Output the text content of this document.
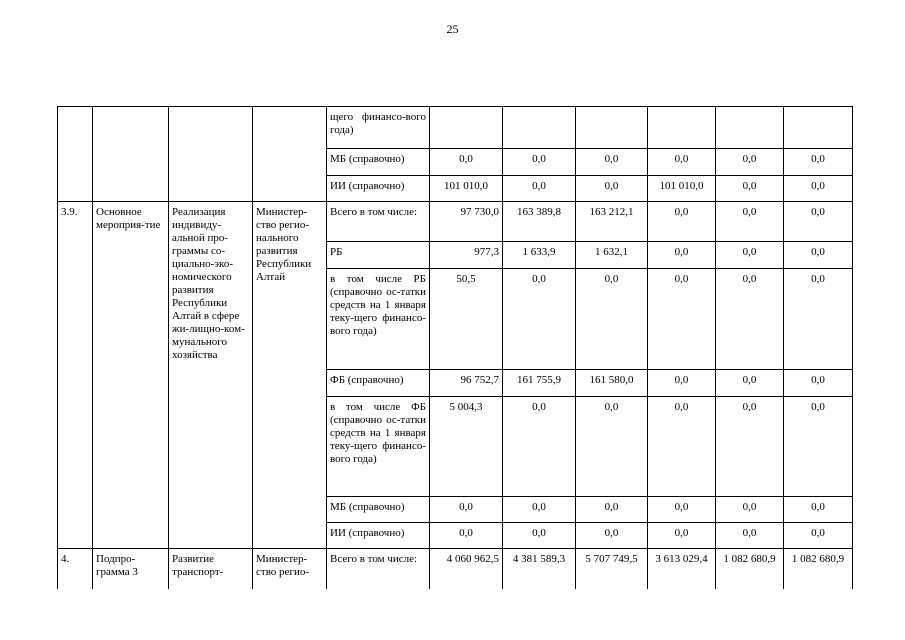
25
				щего финансо-вого года)						
				МБ (справочно)	0,0	0,0	0,0	0,0	0,0	0,0
				ИИ (справочно)	101 010,0	0,0	0,0	101 010,0	0,0	0,0
3.9.	Основное мероприя-тие	Реализация индивиду-альной про-граммы со-циально-эко-номического развития Республики Алтай в сфере жи-лищно-ком-мунального хозяйства	Министер-ство регио-нального развития Республики Алтай	Всего в том числе:	97 730,0	163 389,8	163 212,1	0,0	0,0	0,0
				РБ	977,3	1 633,9	1 632,1	0,0	0,0	0,0
				в том числе РБ (справочно ос-татки средств на 1 января теку-щего финансо-вого года)	50,5	0,0	0,0	0,0	0,0	0,0
				ФБ (справочно)	96 752,7	161 755,9	161 580,0	0,0	0,0	0,0
				в том числе ФБ (справочно ос-татки средств на 1 января теку-щего финансо-вого года)	5 004,3	0,0	0,0	0,0	0,0	0,0
				МБ (справочно)	0,0	0,0	0,0	0,0	0,0	0,0
				ИИ (справочно)	0,0	0,0	0,0	0,0	0,0	0,0
4.	Подпро-грамма 3	Развитие транспорт-	Министер-ство регио-	Всего в том числе:	4 060 962,5	4 381 589,3	5 707 749,5	3 613 029,4	1 082 680,9	1 082 680,9
